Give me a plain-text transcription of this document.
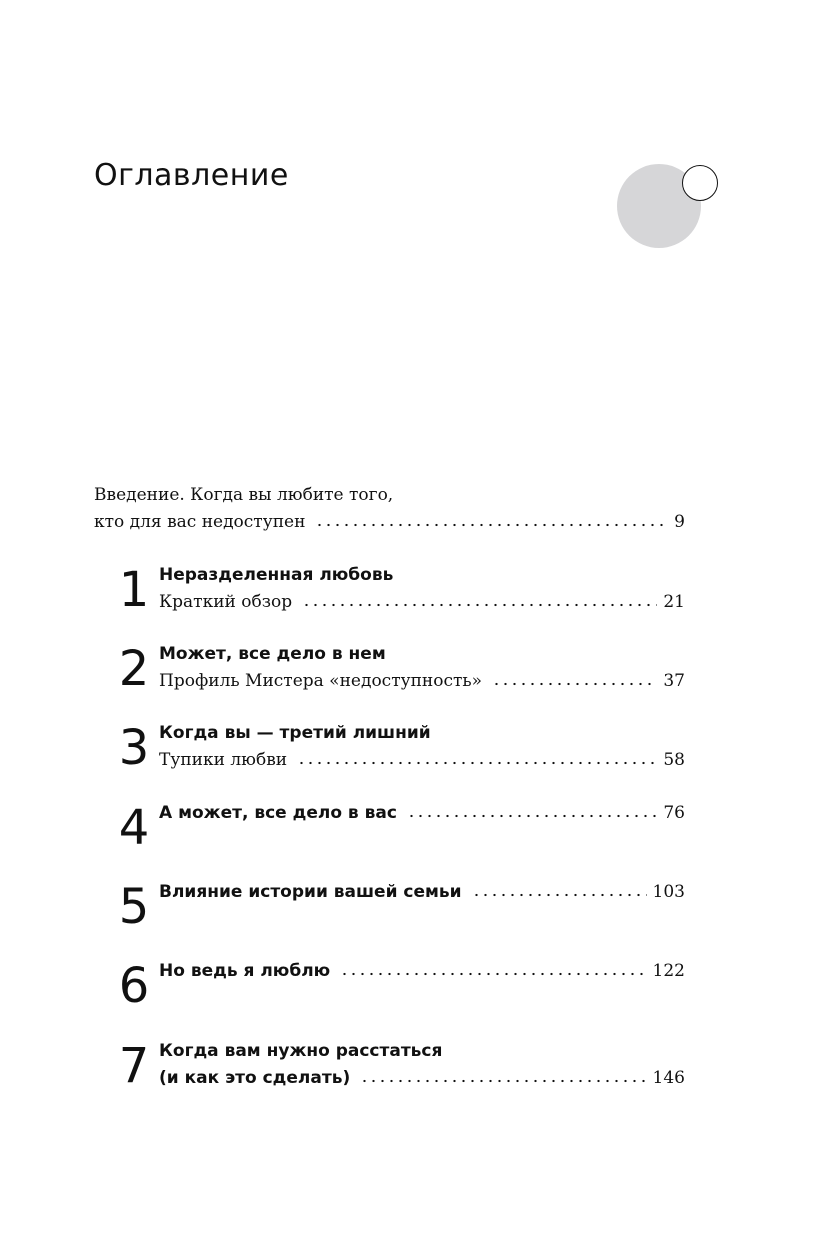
Оглавление
Введение. Когда вы любите того,
кто для вас недоступен	9
1 Неразделенная любовь
Краткий обзор	21
2 Может, все дело в нем
Профиль Мистера «недоступность»	37
3 Когда вы — третий лишний
Тупики любви	58
4 А может, все дело в вас	76
5 Влияние истории вашей семьи	103
6 Но ведь я люблю	122
7 Когда вам нужно расстаться
(и как это сделать)	146
